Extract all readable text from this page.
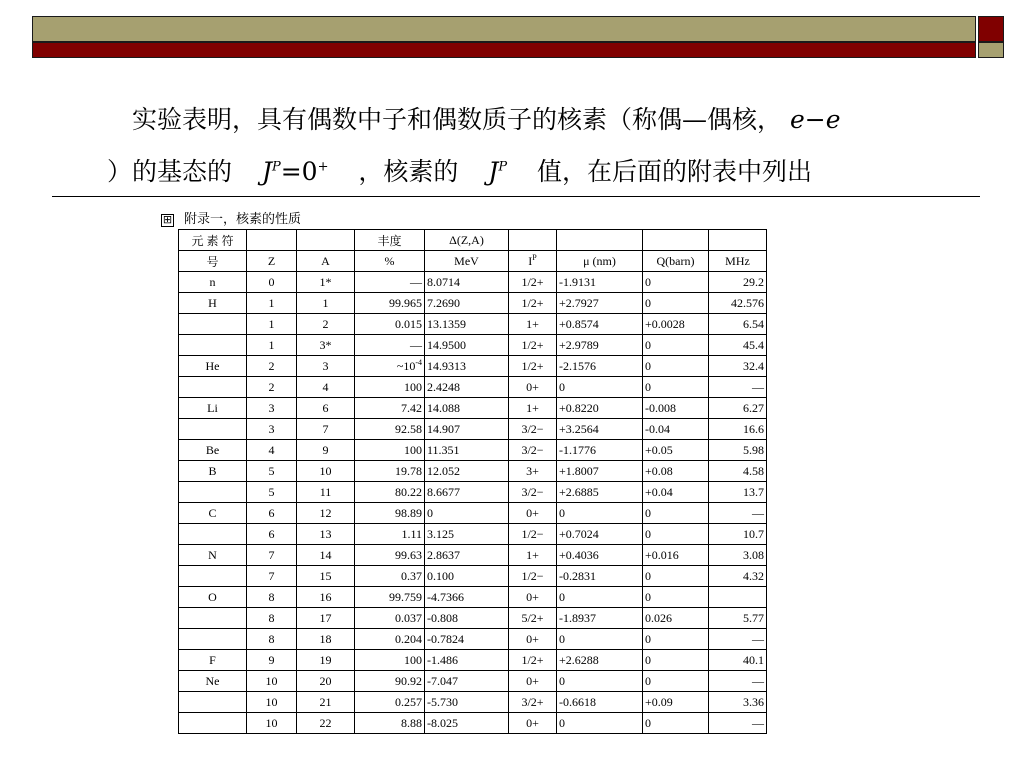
实验表明，具有偶数中子和偶数质子的核素（称偶—偶核， e−e
）的基态的 $J^P=0^+$ ，核素的 $J^P$ 值，在后面的附表中列出
⊞ 附录一，核素的性质
元 素 符			丰度	Δ(Z,A)				
号	Z	A	%	MeV	$I^P$	μ (nm)	Q(barn)	MHz
n	0	1*	—	8.0714	1/2+	-1.9131	0	29.2
H	1	1	99.965	7.2690	1/2+	+2.7927	0	42.576
	1	2	0.015	13.1359	1+	+0.8574	+0.0028	6.54
	1	3*	—	14.9500	1/2+	+2.9789	0	45.4
He	2	3	$\sim 10^{-4}$	14.9313	1/2+	-2.1576	0	32.4
	2	4	100	2.4248	0+	0	0	—
Li	3	6	7.42	14.088	1+	+0.8220	-0.008	6.27
	3	7	92.58	14.907	3/2−	+3.2564	-0.04	16.6
Be	4	9	100	11.351	3/2−	-1.1776	+0.05	5.98
B	5	10	19.78	12.052	3+	+1.8007	+0.08	4.58
	5	11	80.22	8.6677	3/2−	+2.6885	+0.04	13.7
C	6	12	98.89	0	0+	0	0	—
	6	13	1.11	3.125	1/2−	+0.7024	0	10.7
N	7	14	99.63	2.8637	1+	+0.4036	+0.016	3.08
	7	15	0.37	0.100	1/2−	-0.2831	0	4.32
O	8	16	99.759	-4.7366	0+	0	0	
	8	17	0.037	-0.808	5/2+	-1.8937	0.026	5.77
	8	18	0.204	-0.7824	0+	0	0	—
F	9	19	100	-1.486	1/2+	+2.6288	0	40.1
Ne	10	20	90.92	-7.047	0+	0	0	—
	10	21	0.257	-5.730	3/2+	-0.6618	+0.09	3.36
	10	22	8.88	-8.025	0+	0	0	—
